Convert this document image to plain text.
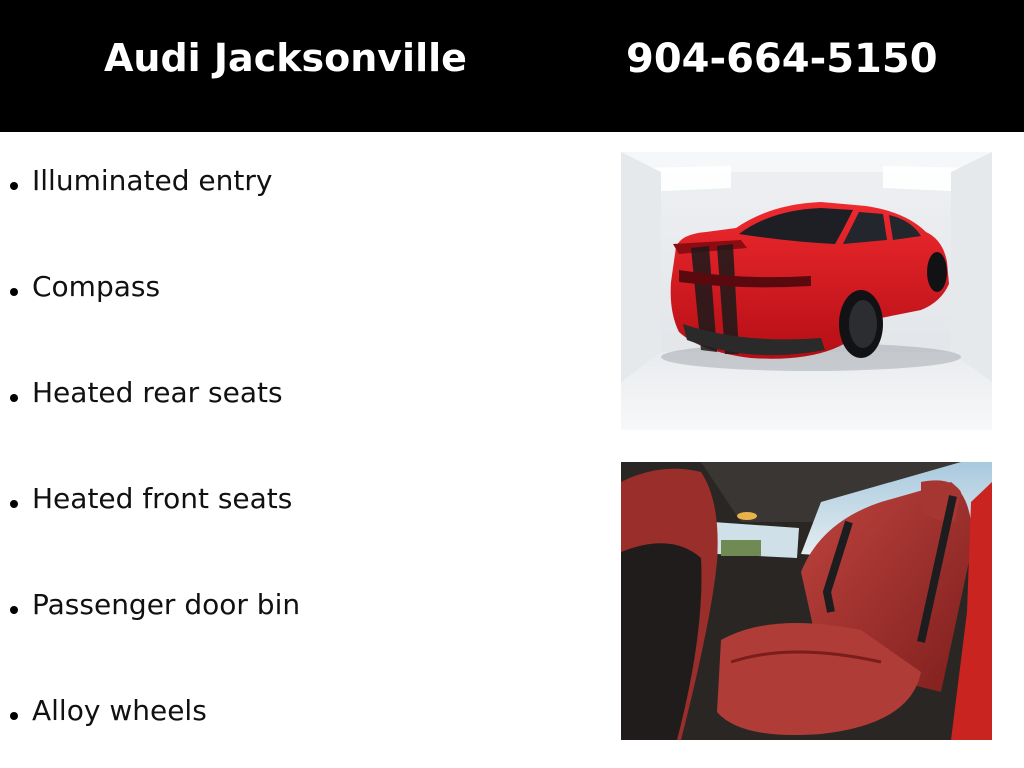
Audi Jacksonville	904-664-5150
Illuminated entry
Compass
Heated rear seats
Heated front seats
Passenger door bin
Alloy wheels
